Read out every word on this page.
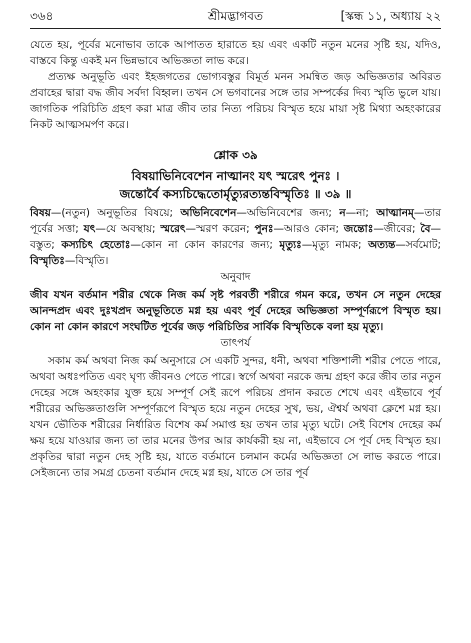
৩৬৪	শ্রীমদ্ভাগবত	[স্কন্ধ ১১, অধ্যায় ২২

যেতে হয়, পূর্বের মনোভাব তাকে আপাতত হারাতে হয় এবং একটি নতুন মনের সৃষ্টি হয়, যদিও, বাস্তবে কিন্তু একই মন ভিন্নভাবে অভিজ্ঞতা লাভ করে।

প্রত্যক্ষ অনুভূতি এবং ইহজগতের ভোগ্যবস্তুর বিমূর্ত মনন সমন্বিত জড় অভিজ্ঞতার অবিরত প্রবাহের দ্বারা বদ্ধ জীব সর্বদা বিহ্বল। তখন সে ভগবানের সঙ্গে তার সম্পর্কের দিব্য স্মৃতি ভুলে যায়। জাগতিক পরিচিতি গ্রহণ করা মাত্র জীব তার নিত্য পরিচয় বিস্মৃত হয়ে মায়া সৃষ্ট মিথ্যা অহংকারের নিকট আত্মসমর্পণ করে।

শ্লোক ৩৯
বিষয়াভিনিবেশেন নাত্মানং যৎ স্মরেৎ পুনঃ ।
জন্তোর্বৈ কস্যচিদ্ধেতোর্মৃত্যুরত্যন্তবিস্মৃতিঃ ॥ ৩৯ ॥
বিষয়—(নতুন) অনুভূতির বিষয়ে; অভিনিবেশেন—অভিনিবেশের জন্য; ন—না; আত্মানম্—তার পূর্বের সত্তা; যৎ—যে অবস্থায়; স্মরেৎ—স্মরণ করেন; পুনঃ—আরও কোন; জন্তোঃ—জীবের; বৈ—বস্তুত; কস্যচিৎ হেতোঃ—কোন না কোন কারণের জন্য; মৃত্যুঃ—মৃত্যু নামক; অত্যন্ত—সর্বমোট; বিস্মৃতিঃ—বিস্মৃতি।
অনুবাদ

জীব যখন বর্তমান শরীর থেকে নিজ কর্ম সৃষ্ট পরবর্তী শরীরে গমন করে, তখন সে নতুন দেহের আনন্দপ্রদ এবং দুঃখপ্রদ অনুভূতিতে মগ্ন হয় এবং পূর্ব দেহের অভিজ্ঞতা সম্পূর্ণরূপে বিস্মৃত হয়। কোন না কোন কারণে সংঘটিত পূর্বের জড় পরিচিতির সার্বিক বিস্মৃতিকে বলা হয় মৃত্যু।

তাৎপর্য

সকাম কর্ম অথবা নিজ কর্ম অনুসারে সে একটি সুন্দর, ধনী, অথবা শক্তিশালী শরীর পেতে পারে, অথবা অধঃপতিত এবং ঘৃণ্য জীবনও পেতে পারে। স্বর্গে অথবা নরকে জন্ম গ্রহণ করে জীব তার নতুন দেহের সঙ্গে অহংকার যুক্ত হয়ে সম্পূর্ণ সেই রূপে পরিচয় প্রদান করতে শেখে এবং এইভাবে পূর্ব শরীরের অভিজ্ঞতাগুলি সম্পূর্ণরূপে বিস্মৃত হয়ে নতুন দেহের সুখ, ভয়, ঐশ্বর্য অথবা ক্লেশে মগ্ন হয়। যখন ভৌতিক শরীরের নির্ধারিত বিশেষ কর্ম সমাপ্ত হয় তখন তার মৃত্যু ঘটে। সেই বিশেষ দেহের কর্ম ক্ষয় হয়ে যাওয়ার জন্য তা তার মনের উপর আর কার্যকরী হয় না, এইভাবে সে পূর্ব দেহ বিস্মৃত হয়। প্রকৃতির দ্বারা নতুন দেহ সৃষ্টি হয়, যাতে বর্তমানে চলমান কর্মের অভিজ্ঞতা সে লাভ করতে পারে। সেইজন্যে তার সমগ্র চেতনা বর্তমান দেহে মগ্ন হয়, যাতে সে তার পূর্ব
